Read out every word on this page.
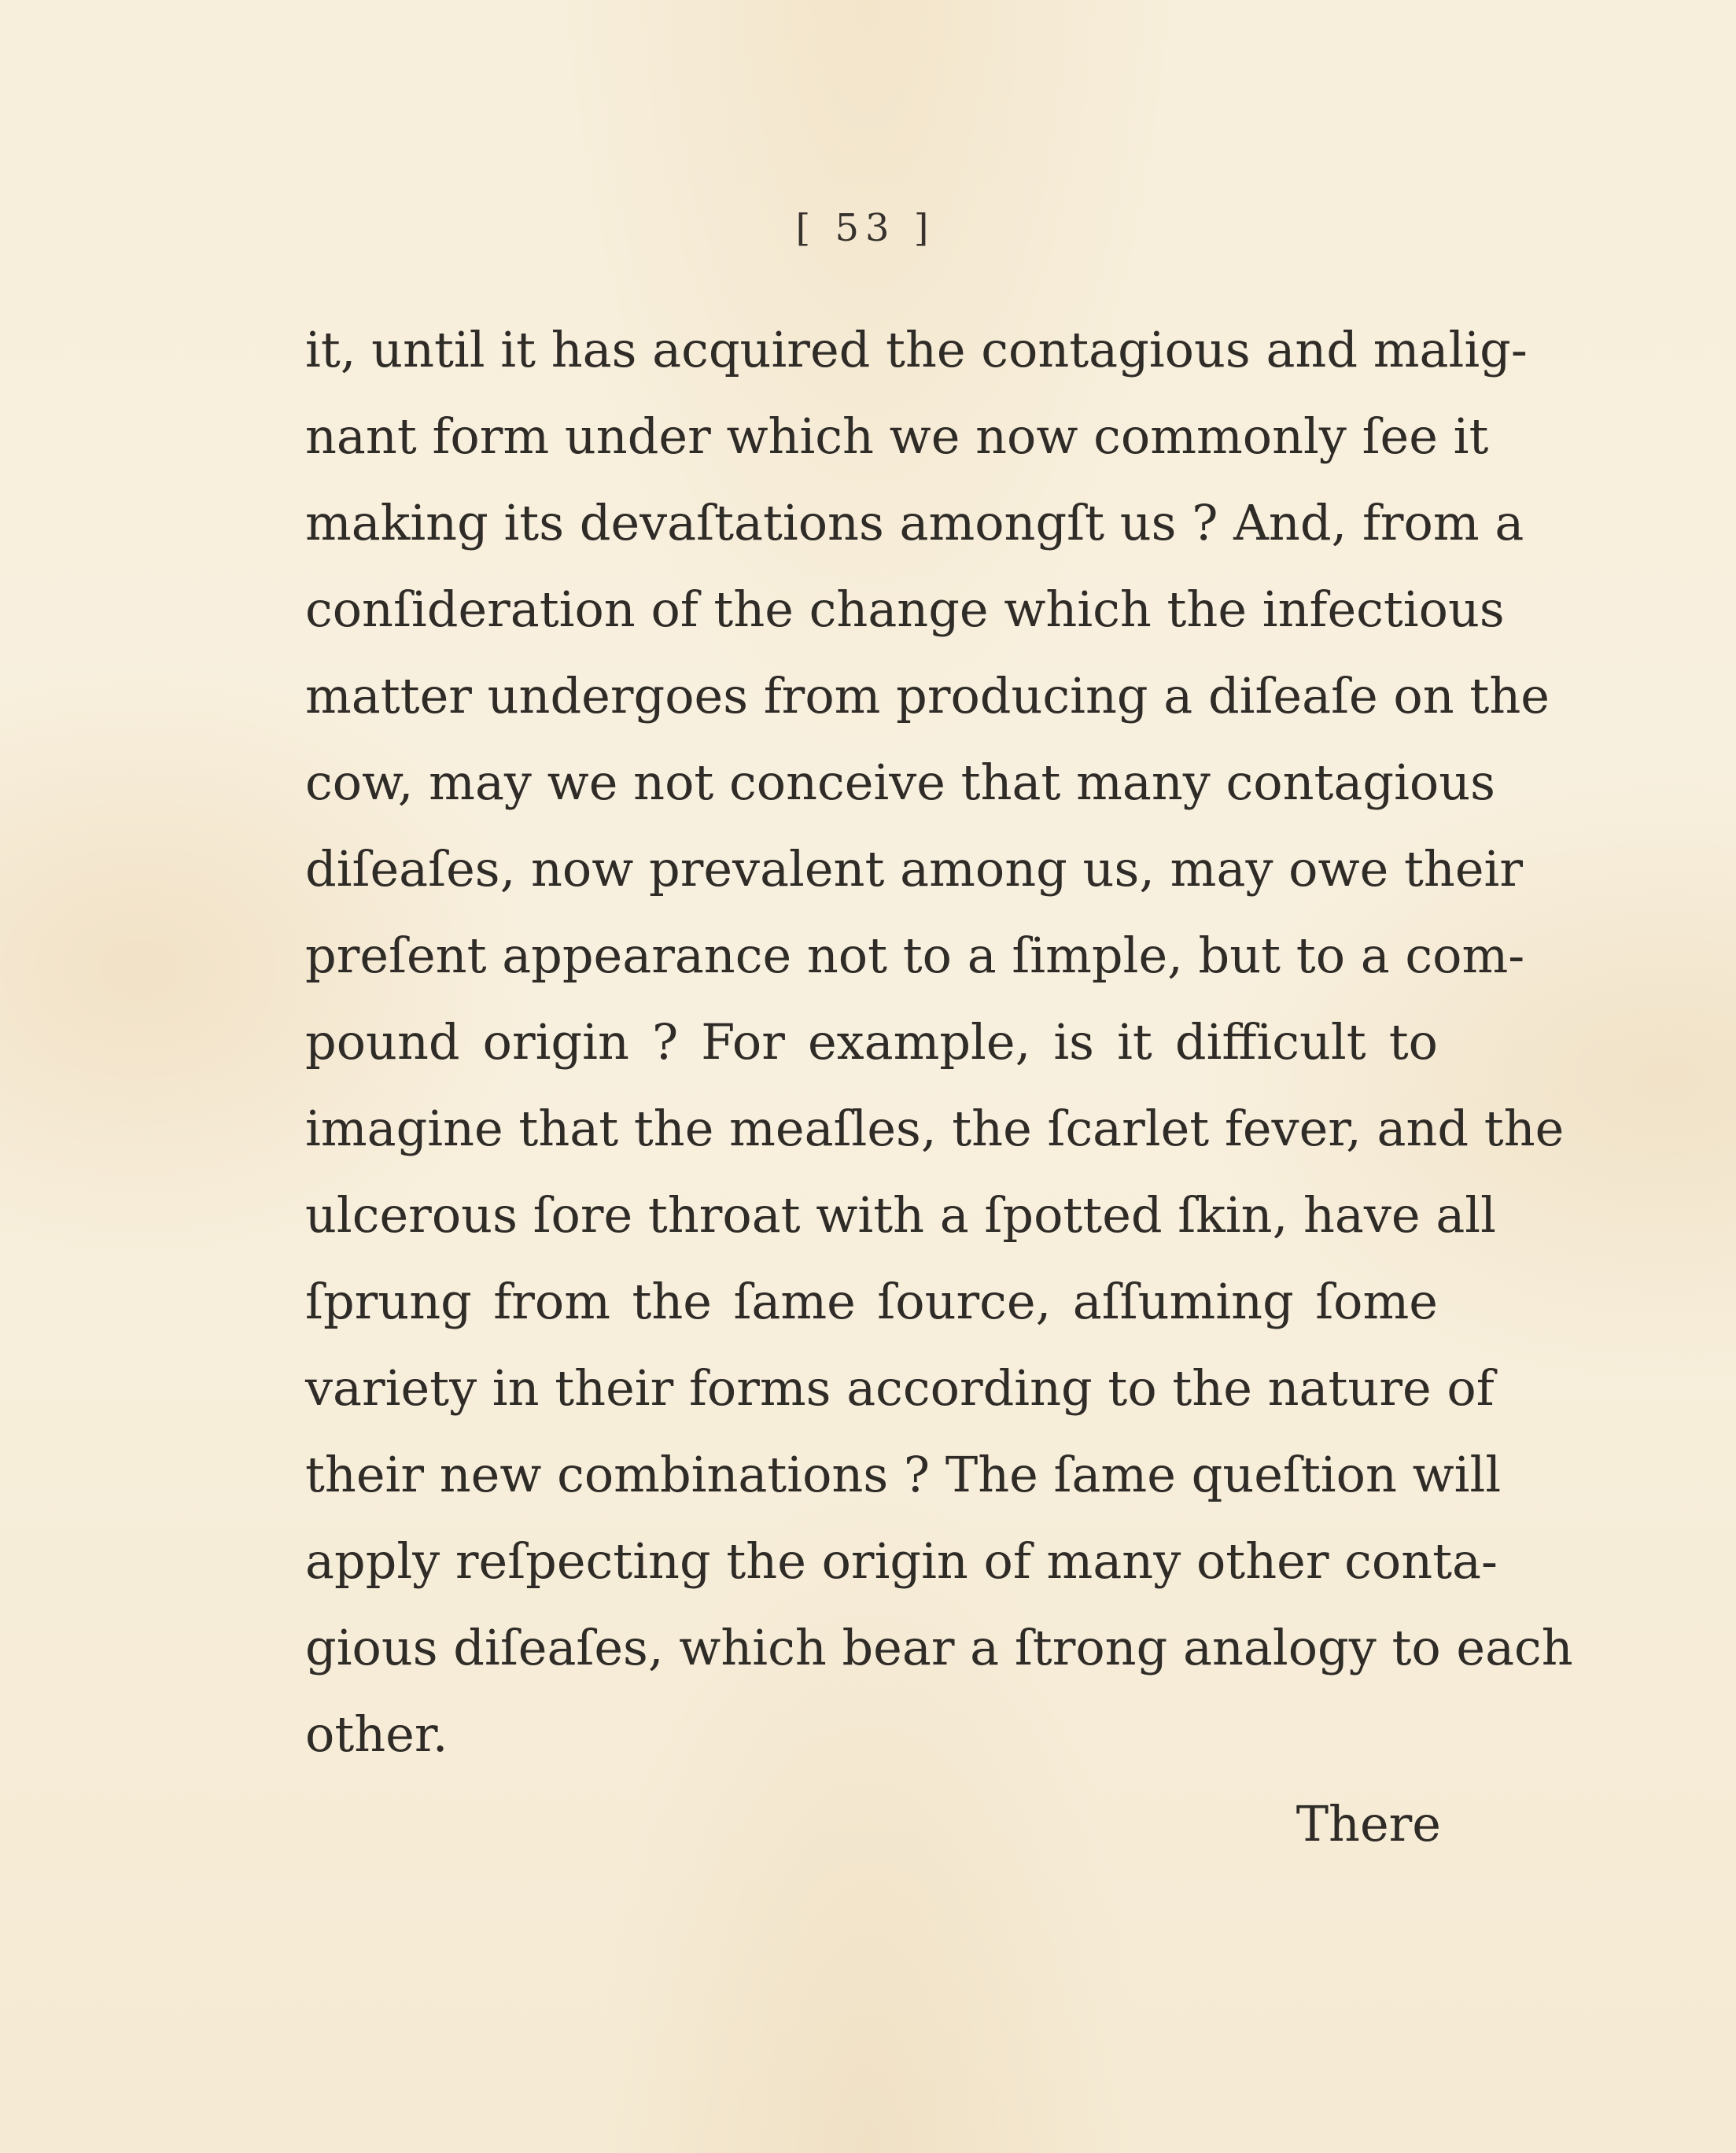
[ 53 ]
it, until it has acquired the contagious and malig-
nant form under which we now commonly ſee it
making its devaſtations amongſt us ? And, from a
conſideration of the change which the infectious
matter undergoes from producing a diſeaſe on the
cow, may we not conceive that many contagious
diſeaſes, now prevalent among us, may owe their
preſent appearance not to a ſimple, but to a com-
pound origin ? For example, is it difficult to
imagine that the meaſles, the ſcarlet fever, and the
ulcerous ſore throat with a ſpotted ſkin, have all
ſprung from the ſame ſource, aſſuming ſome
variety in their forms according to the nature of
their new combinations ? The ſame queſtion will
apply reſpecting the origin of many other conta-
gious diſeaſes, which bear a ſtrong analogy to each
other.
There
